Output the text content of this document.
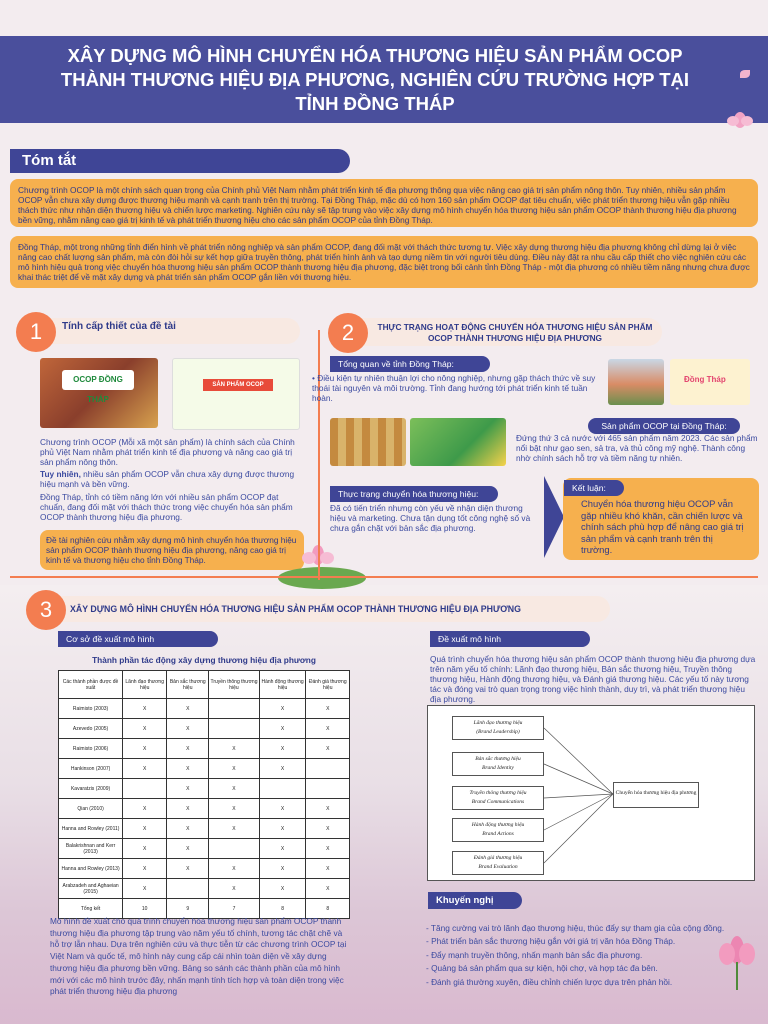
XÂY DỰNG MÔ HÌNH CHUYỂN HÓA THƯƠNG HIỆU SẢN PHẨM OCOP THÀNH THƯƠNG HIỆU ĐỊA PHƯƠNG, NGHIÊN CỨU TRƯỜNG HỢP TẠI TỈNH ĐỒNG THÁP
Tóm tắt
Chương trình OCOP là một chính sách quan trọng của Chính phủ Việt Nam nhằm phát triển kinh tế địa phương thông qua việc nâng cao giá trị sản phẩm nông thôn. Tuy nhiên, nhiều sản phẩm OCOP vẫn chưa xây dựng được thương hiệu mạnh và cạnh tranh trên thị trường. Tại Đồng Tháp, mặc dù có hơn 160 sản phẩm OCOP đạt tiêu chuẩn, việc phát triển thương hiệu vẫn gặp nhiều thách thức như nhận diện thương hiệu và chiến lược marketing. Nghiên cứu này sẽ tập trung vào việc xây dựng mô hình chuyển hóa thương hiệu sản phẩm OCOP thành thương hiệu địa phương bền vững, nhằm nâng cao giá trị kinh tế và phát triển thương hiệu cho các sản phẩm OCOP của tỉnh Đồng Tháp.
Đồng Tháp, một trong những tỉnh điển hình về phát triển nông nghiệp và sản phẩm OCOP, đang đối mặt với thách thức tương tự. Việc xây dựng thương hiệu địa phương không chỉ dừng lại ở việc nâng cao chất lượng sản phẩm, mà còn đòi hỏi sự kết hợp giữa truyền thông, phát triển hình ảnh và tạo dựng niềm tin với người tiêu dùng. Điều này đặt ra nhu cầu cấp thiết cho việc nghiên cứu các mô hình hiệu quả trong việc chuyển hóa thương hiệu sản phẩm OCOP thành thương hiệu địa phương, đặc biệt trong bối cảnh tỉnh Đồng Tháp - một địa phương có nhiều tiềm năng nhưng chưa được khai thác triệt để về mặt xây dựng và phát triển sản phẩm OCOP gắn liền với thương hiệu.
1	Tính cấp thiết của đề tài
OCOP ĐỒNG THÁP
SẢN PHẨM OCOP
Chương trình OCOP (Mỗi xã một sản phẩm) là chính sách của Chính phủ Việt Nam nhằm phát triển kinh tế địa phương và nâng cao giá trị sản phẩm nông thôn.
Tuy nhiên, nhiều sản phẩm OCOP vẫn chưa xây dựng được thương hiệu mạnh và bền vững.
Đồng Tháp, tỉnh có tiềm năng lớn với nhiều sản phẩm OCOP đạt chuẩn, đang đối mặt với thách thức trong việc chuyển hóa sản phẩm OCOP thành thương hiệu địa phương.
Đề tài nghiên cứu nhằm xây dựng mô hình chuyển hóa thương hiệu sản phẩm OCOP thành thương hiệu địa phương, nâng cao giá trị kinh tế và thương hiệu cho tỉnh Đồng Tháp.
2	THỰC TRẠNG HOẠT ĐỘNG CHUYỂN HÓA THƯƠNG HIỆU SẢN PHẨM OCOP THÀNH THƯƠNG HIỆU ĐỊA PHƯƠNG
Tổng quan về tỉnh Đồng Tháp:
• Điều kiện tự nhiên thuận lợi cho nông nghiệp, nhưng gặp thách thức về suy thoái tài nguyên và môi trường. Tỉnh đang hướng tới phát triển kinh tế tuần hoàn.
Đồng Tháp
Sản phẩm OCOP tại Đồng Tháp:
Đứng thứ 3 cả nước với 465 sản phẩm năm 2023. Các sản phẩm nổi bật như gạo sen, sả tra, và thủ công mỹ nghệ. Thành công nhờ chính sách hỗ trợ và tiềm năng tự nhiên.
Thực trạng chuyển hóa thương hiệu:
Đã có tiến triển nhưng còn yếu về nhận diện thương hiệu và marketing. Chưa tận dụng tốt công nghệ số và chưa gắn chặt với bản sắc địa phương.
Chuyển hóa thương hiệu OCOP vẫn gặp nhiều khó khăn, cần chiến lược và chính sách phù hợp để nâng cao giá trị sản phẩm và cạnh tranh trên thị trường.
Kết luận:
3	XÂY DỰNG MÔ HÌNH CHUYỂN HÓA THƯƠNG HIỆU SẢN PHẨM OCOP THÀNH THƯƠNG HIỆU ĐỊA PHƯƠNG
Cơ sở đề xuất mô hình
Thành phần tác động xây dựng thương hiệu địa phương
Các thành phần được đề xuất	Lãnh đạo thương hiệu	Bản sắc thương hiệu	Truyền thông thương hiệu	Hành động thương hiệu	Đánh giá thương hiệu
Raimisto (2003)	X	X		X	X
Azevedo (2005)	X	X		X	X
Raimisto (2006)	X	X	X	X	X
Hankinson (2007)	X	X	X	X	
Kavaratzis (2009)		X	X		
Qian (2010)	X	X	X	X	X
Hanna and Rowley (2011)	X	X	X	X	X
Balakrishnan and Kerr (2013)	X	X		X	X
Hanna and Rowley (2013)	X	X	X	X	X
Arabzadeh and Aghaeian (2015)	X		X	X	X
Tổng kết	10	9	7	8	8
Mô hình đề xuất cho quá trình chuyển hóa thương hiệu sản phẩm OCOP thành thương hiệu địa phương tập trung vào năm yếu tố chính, tương tác chặt chẽ và hỗ trợ lẫn nhau. Dựa trên nghiên cứu và thực tiễn từ các chương trình OCOP tại Việt Nam và quốc tế, mô hình này cung cấp cái nhìn toàn diện về xây dựng thương hiệu địa phương bền vững. Bảng so sánh các thành phần của mô hình mới với các mô hình trước đây, nhấn mạnh tính tích hợp và toàn diện trong việc phát triển thương hiệu địa phương
Đề xuất mô hình
Quá trình chuyển hóa thương hiệu sản phẩm OCOP thành thương hiệu địa phương dựa trên năm yếu tố chính: Lãnh đạo thương hiệu, Bản sắc thương hiệu, Truyền thông thương hiệu, Hành động thương hiệu, và Đánh giá thương hiệu. Các yếu tố này tương tác và đóng vai trò quan trọng trong việc hình thành, duy trì, và phát triển thương hiệu địa phương.
Lãnh đạo thương hiệu
(Brand Leadership)
Bản sắc thương hiệu
Brand Identity
Truyền thông thương hiệu
Brand Communications
Hành động thương hiệu
Brand Actions
Đánh giá thương hiệu
Brand Evaluation
Chuyển hóa thương hiệu địa phương
Khuyến nghị
- Tăng cường vai trò lãnh đạo thương hiệu, thúc đẩy sự tham gia của cộng đồng.
- Phát triển bản sắc thương hiệu gắn với giá trị văn hóa Đồng Tháp.
- Đẩy mạnh truyền thông, nhấn mạnh bản sắc địa phương.
- Quảng bá sản phẩm qua sự kiện, hội chợ, và hợp tác đa bên.
- Đánh giá thường xuyên, điều chỉnh chiến lược dựa trên phản hồi.
